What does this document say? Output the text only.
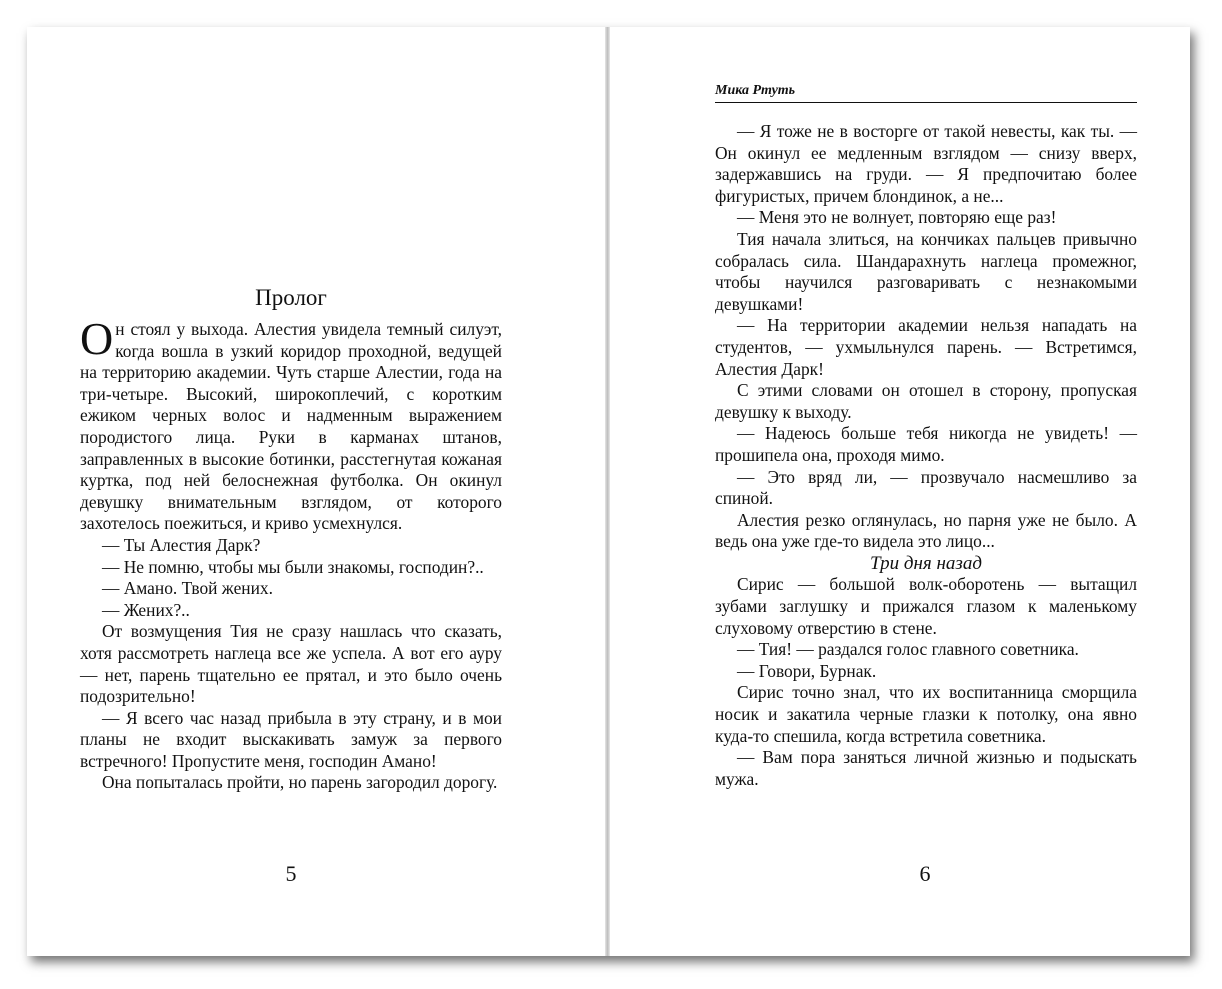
Пролог

Он стоял у выхода. Алестия увидела темный силуэт, когда вошла в узкий коридор проходной, ведущей на территорию академии. Чуть старше Алестии, года на три-четыре. Высокий, широкоплечий, с коротким ежиком черных волос и надменным выражением породистого лица. Руки в карманах штанов, заправленных в высокие ботинки, расстегнутая кожаная куртка, под ней белоснежная футболка. Он окинул девушку внимательным взглядом, от которого захотелось поежиться, и криво усмехнулся.

— Ты Алестия Дарк?

— Не помню, чтобы мы были знакомы, господин?..

— Амано. Твой жених.

— Жених?..

От возмущения Тия не сразу нашлась что сказать, хотя рассмотреть наглеца все же успела. А вот его ауру — нет, парень тщательно ее прятал, и это было очень подозрительно!

— Я всего час назад прибыла в эту страну, и в мои планы не входит выскакивать замуж за первого встречного! Пропустите меня, господин Амано!

Она попыталась пройти, но парень загородил дорогу.

5
Мика Ртуть

— Я тоже не в восторге от такой невесты, как ты. — Он окинул ее медленным взглядом — снизу вверх, задержавшись на груди. — Я предпочитаю более фигуристых, причем блондинок, а не...

— Меня это не волнует, повторяю еще раз!

Тия начала злиться, на кончиках пальцев привычно собралась сила. Шандарахнуть наглеца промежног, чтобы научился разговаривать с незнакомыми девушками!

— На территории академии нельзя нападать на студентов, — ухмыльнулся парень. — Встретимся, Алестия Дарк!

С этими словами он отошел в сторону, пропуская девушку к выходу.

— Надеюсь больше тебя никогда не увидеть! — прошипела она, проходя мимо.

— Это вряд ли, — прозвучало насмешливо за спиной.

Алестия резко оглянулась, но парня уже не было. А ведь она уже где-то видела это лицо...

Три дня назад

Сирис — большой волк-оборотень — вытащил зубами заглушку и прижался глазом к маленькому слуховому отверстию в стене.

— Тия! — раздался голос главного советника.

— Говори, Бурнак.

Сирис точно знал, что их воспитанница сморщила носик и закатила черные глазки к потолку, она явно куда-то спешила, когда встретила советника.

— Вам пора заняться личной жизнью и подыскать мужа.

6
